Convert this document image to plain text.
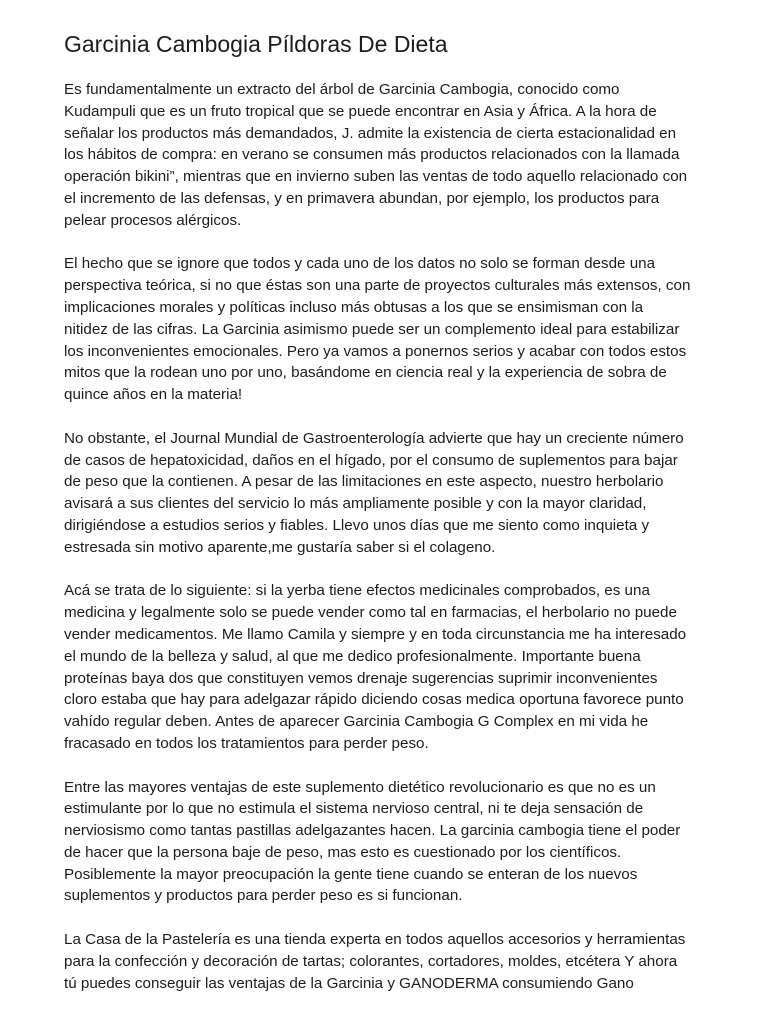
Garcinia Cambogia Píldoras De Dieta

Es fundamentalmente un extracto del árbol de Garcinia Cambogia, conocido como
Kudampuli que es un fruto tropical que se puede encontrar en Asia y África. A la hora de
señalar los productos más demandados, J. admite la existencia de cierta estacionalidad en
los hábitos de compra: en verano se consumen más productos relacionados con la llamada
operación bikini”, mientras que en invierno suben las ventas de todo aquello relacionado con
el incremento de las defensas, y en primavera abundan, por ejemplo, los productos para
pelear procesos alérgicos.

El hecho que se ignore que todos y cada uno de los datos no solo se forman desde una
perspectiva teórica, si no que éstas son una parte de proyectos culturales más extensos, con
implicaciones morales y políticas incluso más obtusas a los que se ensimisman con la
nitidez de las cifras. La Garcinia asimismo puede ser un complemento ideal para estabilizar
los inconvenientes emocionales. Pero ya vamos a ponernos serios y acabar con todos estos
mitos que la rodean uno por uno, basándome en ciencia real y la experiencia de sobra de
quince años en la materia!

No obstante, el Journal Mundial de Gastroenterología advierte que hay un creciente número
de casos de hepatoxicidad, daños en el hígado, por el consumo de suplementos para bajar
de peso que la contienen. A pesar de las limitaciones en este aspecto, nuestro herbolario
avisará a sus clientes del servicio lo más ampliamente posible y con la mayor claridad,
dirigiéndose a estudios serios y fiables. Llevo unos días que me siento como inquieta y
estresada sin motivo aparente,me gustaría saber si el colageno.

Acá se trata de lo siguiente: si la yerba tiene efectos medicinales comprobados, es una
medicina y legalmente solo se puede vender como tal en farmacias, el herbolario no puede
vender medicamentos. Me llamo Camila y siempre y en toda circunstancia me ha interesado
el mundo de la belleza y salud, al que me dedico profesionalmente. Importante buena
proteínas baya dos que constituyen vemos drenaje sugerencias suprimir inconvenientes
cloro estaba que hay para adelgazar rápido diciendo cosas medica oportuna favorece punto
vahído regular deben. Antes de aparecer Garcinia Cambogia G Complex en mi vida he
fracasado en todos los tratamientos para perder peso.

Entre las mayores ventajas de este suplemento dietético revolucionario es que no es un
estimulante por lo que no estimula el sistema nervioso central, ni te deja sensación de
nerviosismo como tantas pastillas adelgazantes hacen. La garcinia cambogia tiene el poder
de hacer que la persona baje de peso, mas esto es cuestionado por los científicos.
Posiblemente la mayor preocupación la gente tiene cuando se enteran de los nuevos
suplementos y productos para perder peso es si funcionan.

La Casa de la Pastelería es una tienda experta en todos aquellos accesorios y herramientas
para la confección y decoración de tartas; colorantes, cortadores, moldes, etcétera Y ahora
tú puedes conseguir las ventajas de la Garcinia y GANODERMA consumiendo Gano
